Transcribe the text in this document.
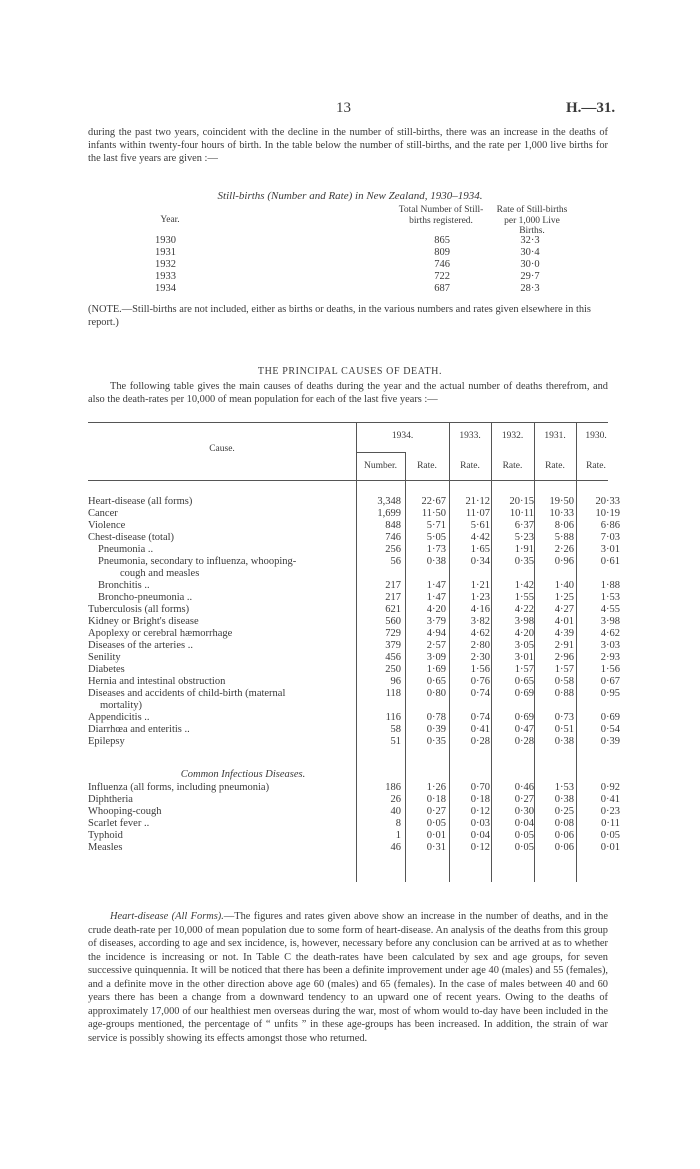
13	H.—31.
during the past two years, coincident with the decline in the number of still-births, there was an increase in the deaths of infants within twenty-four hours of birth. In the table below the number of still-births, and the rate per 1,000 live births for the last five years are given :—
Still-births (Number and Rate) in New Zealand, 1930–1934.
Year.
Total Number of Still-births registered.
Rate of Still-births per 1,000 Live Births.
1930	865	32·3
1931	809	30·4
1932	746	30·0
1933	722	29·7
1934	687	28·3
(NOTE.—Still-births are not included, either as births or deaths, in the various numbers and rates given elsewhere in this report.)
THE PRINCIPAL CAUSES OF DEATH.
The following table gives the main causes of deaths during the year and the actual number of deaths therefrom, and also the death-rates per 10,000 of mean population for each of the last five years :—
Cause.
1934.
Number.	Rate.
1933.
Rate.
1932.
Rate.
1931.
Rate.
1930.
Rate.
Heart-disease (all forms)	3,348	22·67	21·12	20·15	19·50	20·33
Cancer	1,699	11·50	11·07	10·11	10·33	10·19
Violence	848	5·71	5·61	6·37	8·06	6·86
Chest-disease (total)	746	5·05	4·42	5·23	5·88	7·03
Pneumonia ..	256	1·73	1·65	1·91	2·26	3·01
Pneumonia, secondary to influenza, whooping-	56	0·38	0·34	0·35	0·96	0·61
cough and measles
Bronchitis ..	217	1·47	1·21	1·42	1·40	1·88
Broncho-pneumonia ..	217	1·47	1·23	1·55	1·25	1·53
Tuberculosis (all forms)	621	4·20	4·16	4·22	4·27	4·55
Kidney or Bright's disease	560	3·79	3·82	3·98	4·01	3·98
Apoplexy or cerebral hæmorrhage	729	4·94	4·62	4·20	4·39	4·62
Diseases of the arteries ..	379	2·57	2·80	3·05	2·91	3·03
Senility	456	3·09	2·30	3·01	2·96	2·93
Diabetes	250	1·69	1·56	1·57	1·57	1·56
Hernia and intestinal obstruction	96	0·65	0·76	0·65	0·58	0·67
Diseases and accidents of child-birth (maternal	118	0·80	0·74	0·69	0·88	0·95
mortality)
Appendicitis ..	116	0·78	0·74	0·69	0·73	0·69
Diarrhœa and enteritis ..	58	0·39	0·41	0·47	0·51	0·54
Epilepsy	51	0·35	0·28	0·28	0·38	0·39
Influenza (all forms, including pneumonia)	186	1·26	0·70	0·46	1·53	0·92
Diphtheria	26	0·18	0·18	0·27	0·38	0·41
Whooping-cough	40	0·27	0·12	0·30	0·25	0·23
Scarlet fever ..	8	0·05	0·03	0·04	0·08	0·11
Typhoid	1	0·01	0·04	0·05	0·06	0·05
Measles	46	0·31	0·12	0·05	0·06	0·01
Common Infectious Diseases.
Heart-disease (All Forms).—The figures and rates given above show an increase in the number of deaths, and in the crude death-rate per 10,000 of mean population due to some form of heart-disease. An analysis of the deaths from this group of diseases, according to age and sex incidence, is, however, necessary before any conclusion can be arrived at as to whether the incidence is increasing or not. In Table C the death-rates have been calculated by sex and age groups, for seven successive quinquennia. It will be noticed that there has been a definite improvement under age 40 (males) and 55 (females), and a definite move in the other direction above age 60 (males) and 65 (females). In the case of males between 40 and 60 years there has been a change from a downward tendency to an upward one of recent years. Owing to the deaths of approximately 17,000 of our healthiest men overseas during the war, most of whom would to-day have been included in the age-groups mentioned, the percentage of “ unfits ” in these age-groups has been increased. In addition, the strain of war service is possibly showing its effects amongst those who returned.
